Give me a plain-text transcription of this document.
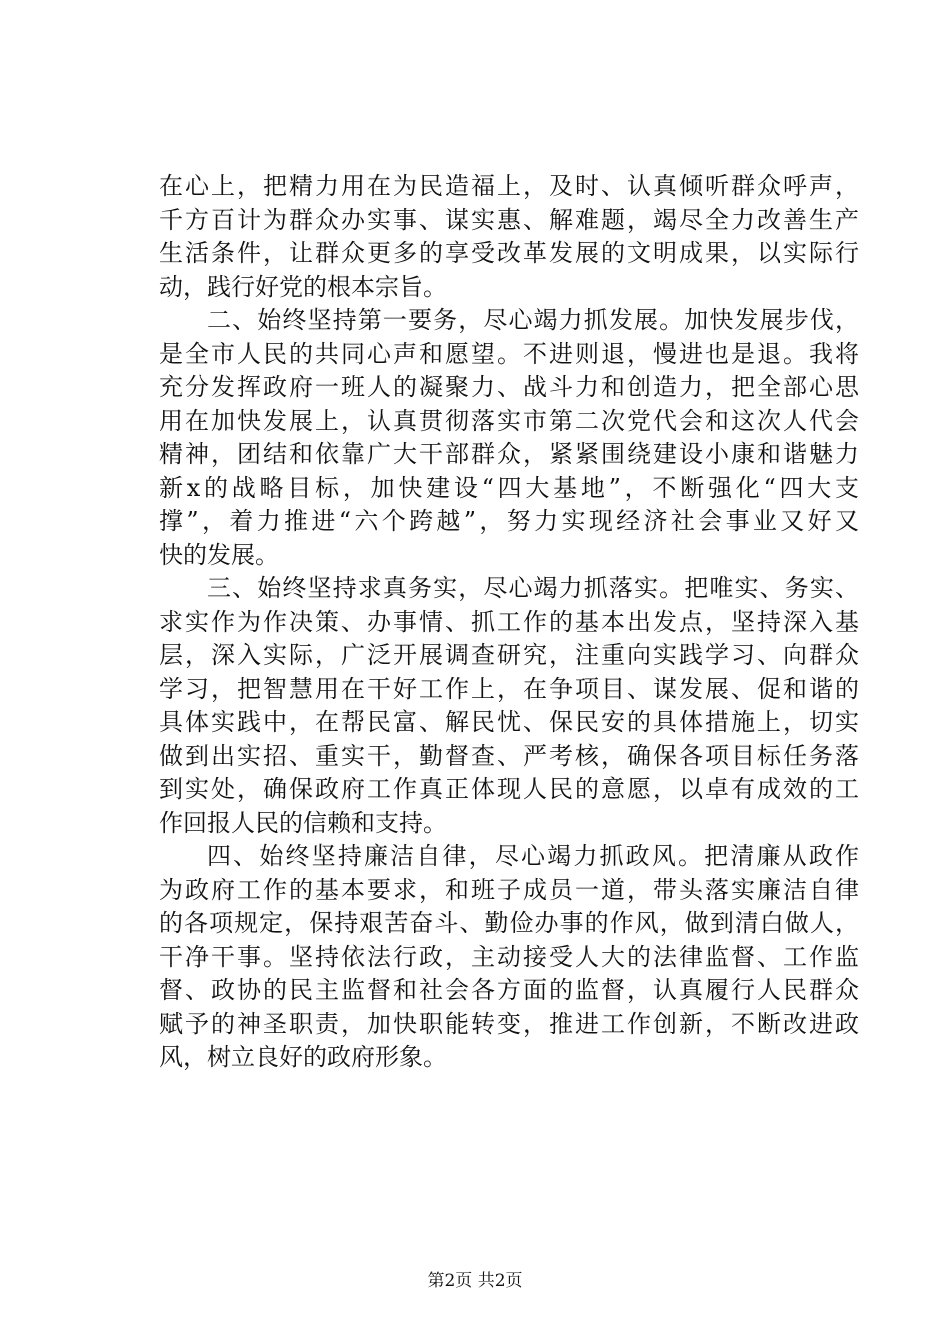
在心上，把精力用在为民造福上，及时、认真倾听群众呼声，
千方百计为群众办实事、谋实惠、解难题，竭尽全力改善生产
生活条件，让群众更多的享受改革发展的文明成果，以实际行
动，践行好党的根本宗旨。
二、始终坚持第一要务，尽心竭力抓发展。加快发展步伐，
是全市人民的共同心声和愿望。不进则退，慢进也是退。我将
充分发挥政府一班人的凝聚力、战斗力和创造力，把全部心思
用在加快发展上，认真贯彻落实市第二次党代会和这次人代会
精神，团结和依靠广大干部群众，紧紧围绕建设小康和谐魅力
新x的战略目标，加快建设“四大基地”，不断强化“四大支
撑”，着力推进“六个跨越”，努力实现经济社会事业又好又
快的发展。
三、始终坚持求真务实，尽心竭力抓落实。把唯实、务实、
求实作为作决策、办事情、抓工作的基本出发点，坚持深入基
层，深入实际，广泛开展调查研究，注重向实践学习、向群众
学习，把智慧用在干好工作上，在争项目、谋发展、促和谐的
具体实践中，在帮民富、解民忧、保民安的具体措施上，切实
做到出实招、重实干，勤督查、严考核，确保各项目标任务落
到实处，确保政府工作真正体现人民的意愿，以卓有成效的工
作回报人民的信赖和支持。
四、始终坚持廉洁自律，尽心竭力抓政风。把清廉从政作
为政府工作的基本要求，和班子成员一道，带头落实廉洁自律
的各项规定，保持艰苦奋斗、勤俭办事的作风，做到清白做人，
干净干事。坚持依法行政，主动接受人大的法律监督、工作监
督、政协的民主监督和社会各方面的监督，认真履行人民群众
赋予的神圣职责，加快职能转变，推进工作创新，不断改进政
风，树立良好的政府形象。
第2页 共2页
